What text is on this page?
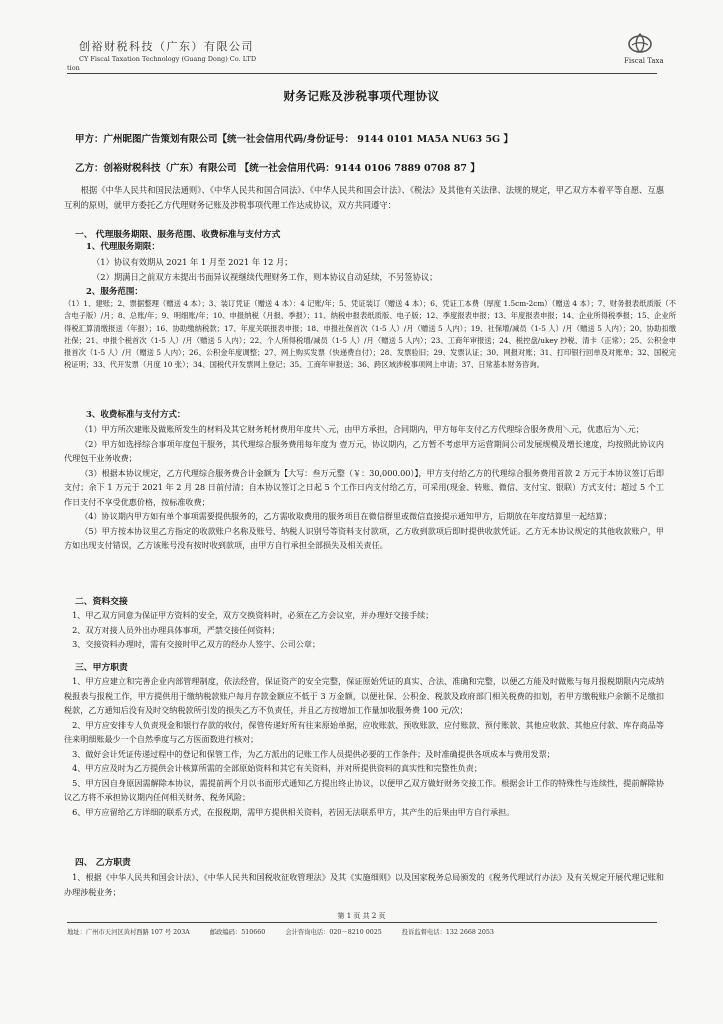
创裕财税科技（广东）有限公司
CY Fiscal Taxation Technology (Guang Dong) Co. LTD
tion
Fiscal Taxa
财务记账及涉税事项代理协议
甲方：广州昵图广告策划有限公司【统一社会信用代码/身份证号： 9144 0101 MA5A NU63 5G 】
乙方：创裕财税科技（广东）有限公司 【统一社会信用代码：9144 0106 7889 0708 87 】
根据《中华人民共和国民法通则》、《中华人民共和国合同法》、《中华人民共和国会计法》、《税法》及其他有关法律、法规的规定，甲乙双方本着平等自愿、互惠互利的原则，就甲方委托乙方代理财务记账及涉税事项代理工作达成协议，双方共同遵守：
一、 代理服务期限、服务范围、收费标准与支付方式
1、代理服务期限：
（1）协议有效期从 2021 年 1 月至 2021 年 12 月；
（2）期满日之前双方未提出书面异议视继续代理财务工作，则本协议自动延续，不另签协议；
2、服务范围：
（1）1、建账；2、票据整理（赠送 4 本）；3、装订凭证（赠送 4 本）：4 记账/年；5、凭证装订（赠送 4 本）；6、凭证工本费（厚度 1.5cm-2cm）（赠送 4 本）；7、财务报表纸质版（不含电子版）/月；8、总账/年；9、明细账/年；10、申报纳税（月报、季报）；11、纳税申报表纸质版、电子版；12、季度报表申报；13、年度报表申报；14、企业所得税季报；15、企业所得税汇算清缴报送（年报）；16、协助缴纳税款；17、年度关联报表申报；18、申报社保首次（1-5 人）/月（赠送 5 人内）；19、社保增/减员（1-5 人）/月（赠送 5 人内）；20、协助扣缴社保；21、申报个税首次（1-5 人）/月（赠送 5 人内）；22、个人所得税增/减员（1-5 人）/月（赠送 5 人内）；23、工商年审报送；24、税控盘/ukey 抄税、清卡（正常）；25、公积金申报首次（1-5 人）/月（赠送 5 人内）；26、公积金年度调整；27、网上购买发票（快递费自付）；28、发票验旧；29、发票认证；30、网报对账；31、打印银行回单及对账单；32、国税完税证明；33、代开发票（月度 10 张）；34、国税代开发票网上登记；35、工商年审报送；36、跨区域涉税事项网上申请；37、日常基本财务咨询。
3、收费标准与支付方式：
（1）甲方所次建账及做账所发生的材料及其它财务耗材费用年度共＼元，由甲方承担，合同期内，甲方每年支付乙方代理综合服务费用＼元，优惠后为＼元；
（2）甲方如选择综合事项年度包干服务，其代理综合服务费用每年度为 壹万元，协议期内，乙方暂不考虑甲方运营期间公司发展规模及增长速度，均按照此协议内代理包干业务收费；
（3）根据本协议规定，乙方代理综合服务费合计金额为【大写：叁万元整（￥：30,000.00）】，甲方支付给乙方的代理综合服务费用首款 2 万元于本协议签订后即支付；余下 1 万元于 2021 年 2 月 28 日前付清；自本协议签订之日起 5 个工作日内支付给乙方，可采用(现金、转账、微信、支付宝、银联）方式支付；超过 5 个工作日支付不享受优惠价格，按标准收费；
（4）协议期内甲方如有单个事项需要提供服务的，乙方需收取费用的服务项目在微信群里或微信直接提示通知甲方，后期放在年度结算里一起结算；
（5）甲方按本协议里乙方指定的收款账户名称及账号、纳税人识别号等资料支付款项，乙方收到款项后即时提供收款凭证。乙方无本协议规定的其他收款账户，甲方如出现支付错误，乙方该账号没有按时收到款项，由甲方自行承担全部损失及相关责任。
二、资料交接
1、甲乙双方同意为保证甲方资料的安全，双方交换资料时，必须在乙方会议室，并办理好交接手续；
2、双方对接人员外出办理具体事项，严禁交接任何资料；
3、交接资料办理时，需有交接时甲乙双方的经办人签字、公司公章；
三、甲方职责
1、甲方应建立和完善企业内部管理制度，依法经营，保证资产的安全完整，保证原始凭证的真实、合法、准确和完整，以便乙方能及时做账与每月报税期限内完成纳税报表与报税工作，甲方提供用于缴纳税款账户每月存款金额应不低于 3 万金额，以便社保、公积金、税款及政府部门相关税费的扣划，若甲方缴税账户余额不足缴扣税款，乙方通知后没有及时交纳税款所引发的损失乙方不负责任，并且乙方按增加工作量加收服务费 100 元/次；
2、甲方应安排专人负责现金和银行存款的收付，保管传递好所有往来原始单据，应收账款、预收账款、应付账款、预付账款、其他应收款、其他应付款、库存商品等往来明细账最少一个自然季度与乙方医面数进行核对；
3、做好会计凭证传递过程中的登记和保管工作，为乙方派出的记账工作人员提供必要的工作条件；及时准确提供各项成本与费用发票；
4、甲方应及时为乙方提供会计核算所需的全部原始资料和其它有关资料，并对所提供资料的真实性和完整性负责；
5、甲方因自身原因需解除本协议，需提前两个月以书面形式通知乙方提出终止协议，以便甲乙双方做好财务交接工作。根据会计工作的特殊性与连续性，提前解除协议乙方将不承担协议期内任何相关财务、税务风险；
6、甲方应留给乙方详细的联系方式，在报税期，需甲方提供相关资料，若因无法联系甲方，其产生的后果由甲方自行承担。
四、 乙方职责
1、根据《中华人民共和国会计法》、《中华人民共和国税收征收管理法》及其《实施细则》以及国家税务总局颁发的《税务代理试行办法》及有关规定开展代理记账和办理涉税业务；
第 1 页 共 2 页
地址：广州市天河区黄村西路 107 号 203A	邮政编码：510660	会计咨询电话：020－8210 0025	投诉监督电话：132 2668 2053
